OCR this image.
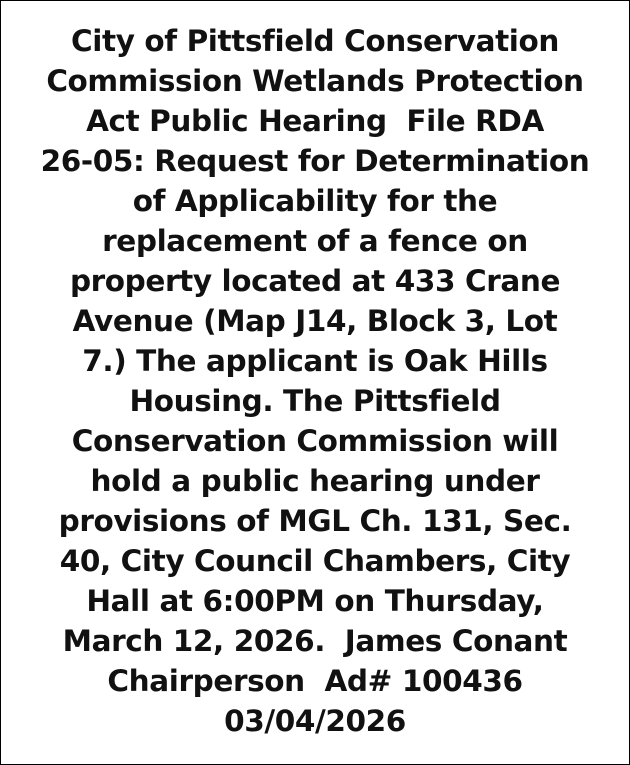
City of Pittsfield Conservation
Commission Wetlands Protection
Act Public Hearing  File RDA
26-05: Request for Determination
of Applicability for the
replacement of a fence on
property located at 433 Crane
Avenue (Map J14, Block 3, Lot
7.) The applicant is Oak Hills
Housing. The Pittsfield
Conservation Commission will
hold a public hearing under
provisions of MGL Ch. 131, Sec.
40, City Council Chambers, City
Hall at 6:00PM on Thursday,
March 12, 2026.  James Conant
Chairperson  Ad# 100436
03/04/2026
